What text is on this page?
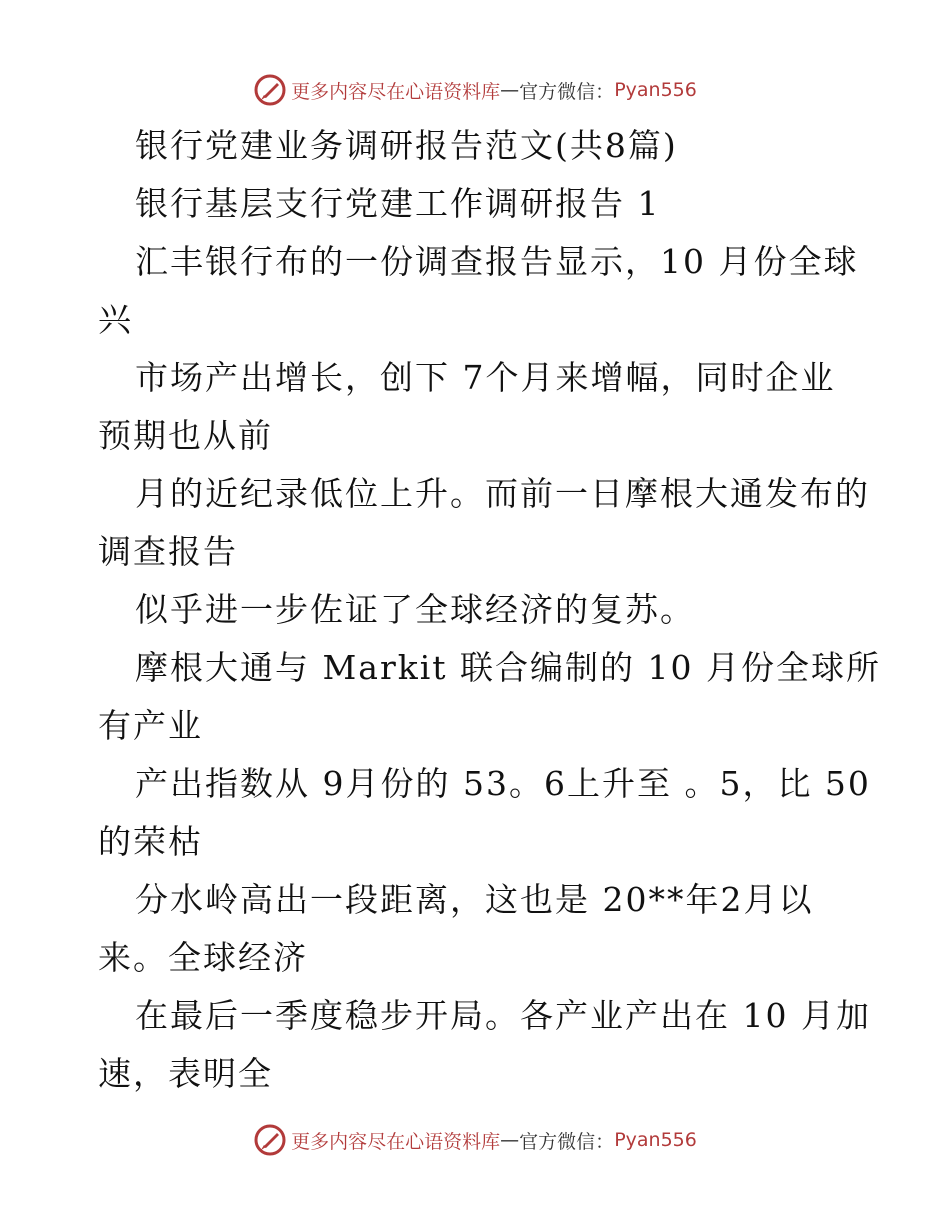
更多内容尽在心语资料库 — 官方微信： Pyan556
银行党建业务调研报告范文(共8篇)
银行基层支行党建工作调研报告 1
汇丰银行布的一份调查报告显示，10 月份全球
兴
市场产出增长，创下 7个月来增幅，同时企业
预期也从前
月的近纪录低位上升。而前一日摩根大通发布的
调查报告
似乎进一步佐证了全球经济的复苏。
摩根大通与 Markit 联合编制的 10 月份全球所
有产业
产出指数从 9月份的 53。6上升至 。5，比 50
的荣枯
分水岭高出一段距离，这也是 20**年2月以
来。全球经济
在最后一季度稳步开局。各产业产出在 10 月加
速，表明全
更多内容尽在心语资料库 — 官方微信： Pyan556
